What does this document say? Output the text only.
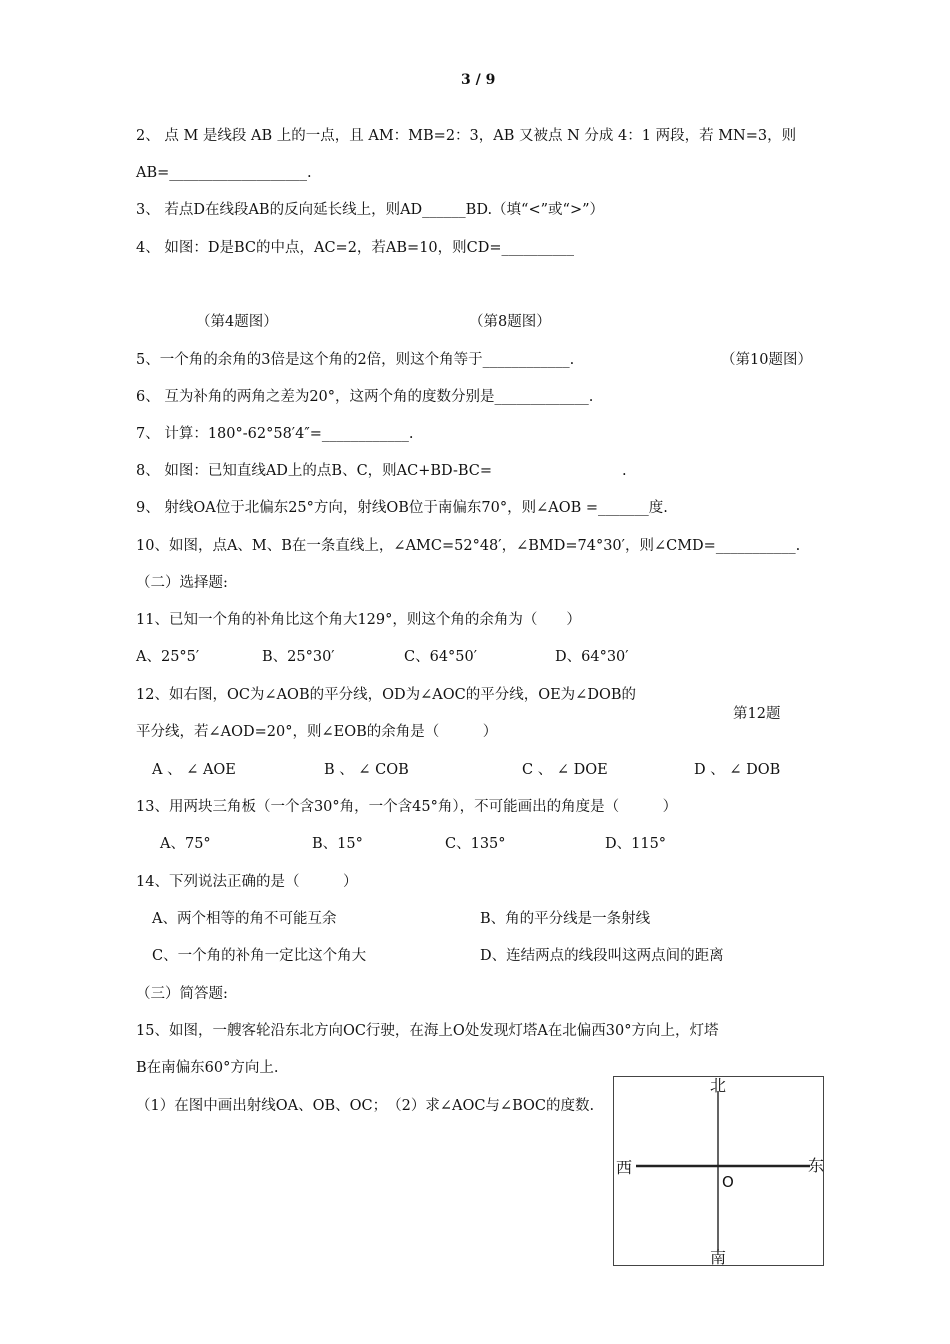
3 / 9
2、 点 M 是线段 AB 上的一点，且 AM：MB=2：3，AB 又被点 N 分成 4：1 两段，若 MN=3，则
AB=___________________.
3、 若点D在线段AB的反向延长线上，则AD______BD.（填“<”或“>”）
4、 如图：D是BC的中点，AC=2，若AB=10，则CD=__________
（第4题图）	（第8题图）
5、一个角的余角的3倍是这个角的2倍，则这个角等于____________.	（第10题图）
6、 互为补角的两角之差为20°，这两个角的度数分别是_____________.
7、 计算：180°-62°58′4″=____________.
8、 如图：已知直线AD上的点B、C，则AC+BD-BC=	.
9、 射线OA位于北偏东25°方向，射线OB位于南偏东70°，则∠AOB =_______度.
10、如图，点A、M、B在一条直线上，∠AMC=52°48′，∠BMD=74°30′，则∠CMD=___________.
（二）选择题:
11、已知一个角的补角比这个角大129°，则这个角的余角为（　　）
A、25°5′	B、25°30′	C、64°50′	D、64°30′
12、如右图，OC为∠AOB的平分线，OD为∠AOC的平分线，OE为∠DOB的
第12题
平分线，若∠AOD=20°，则∠EOB的余角是（　　　）
A 、 ∠ AOE	B 、 ∠ COB	C 、 ∠ DOE	D 、 ∠ DOB
13、用两块三角板（一个含30°角，一个含45°角），不可能画出的角度是（　　　）
A、75°	B、15°	C、135°	D、115°
14、下列说法正确的是（　　　）
A、两个相等的角不可能互余	B、角的平分线是一条射线
C、一个角的补角一定比这个角大	D、连结两点的线段叫这两点间的距离
（三）简答题:
15、如图，一艘客轮沿东北方向OC行驶，在海上O处发现灯塔A在北偏西30°方向上，灯塔
B在南偏东60°方向上.
（1）在图中画出射线OA、OB、OC；　（2）求∠AOC与∠BOC的度数.
北
南
西	东
O
